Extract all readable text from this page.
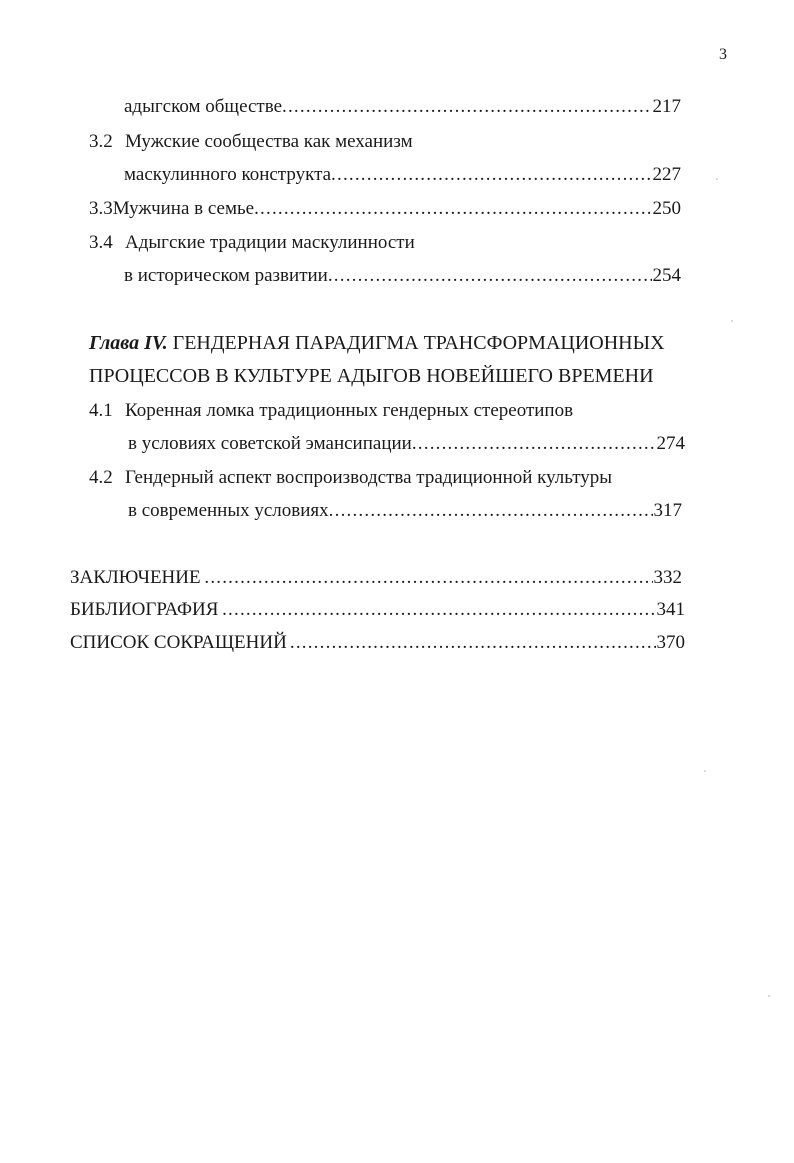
3
адыгском обществе .....	217
3.2 Мужские сообщества как механизм
маскулинного конструкта .....	227
3.3 Мужчина в семье .....	250
3.4 Адыгские традиции маскулинности
в историческом развитии .....	254
Глава IV. ГЕНДЕРНАЯ ПАРАДИГМА ТРАНСФОРМАЦИОННЫХ
ПРОЦЕССОВ В КУЛЬТУРЕ АДЫГОВ НОВЕЙШЕГО ВРЕМЕНИ
4.1 Коренная ломка традиционных гендерных стереотипов
в условиях советской эмансипации .....	274
4.2 Гендерный аспект воспроизводства традиционной культуры
в современных условиях .....	317
ЗАКЛЮЧЕНИЕ .....	332
БИБЛИОГРАФИЯ .....	341
СПИСОК СОКРАЩЕНИЙ .....	370
